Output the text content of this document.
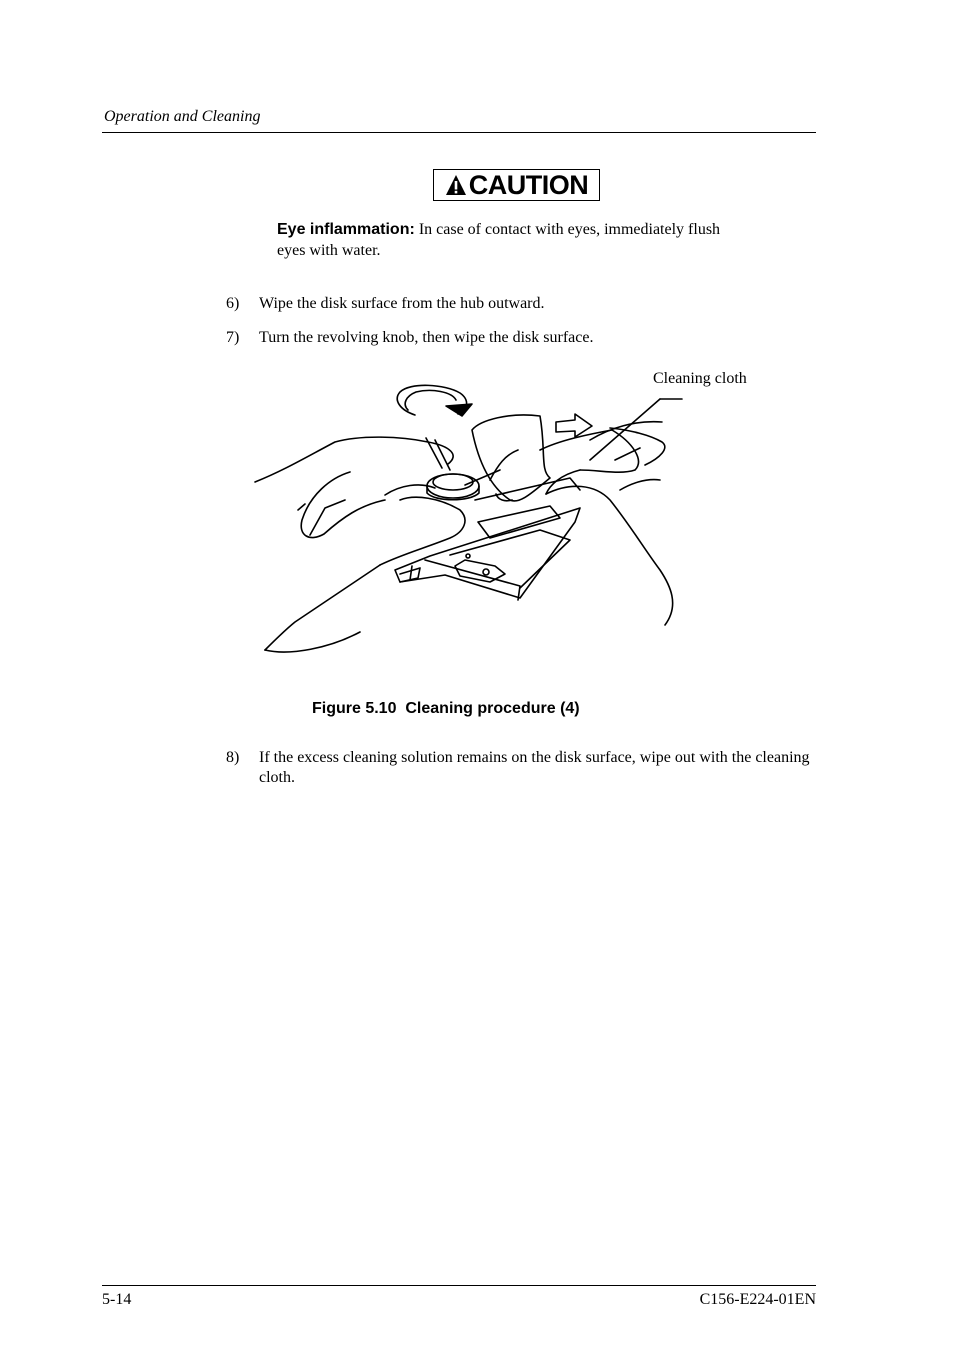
Operation and Cleaning
CAUTION
Eye inflammation: In case of contact with eyes, immediately flush eyes with water.
6)	Wipe the disk surface from the hub outward.
7)	Turn the revolving knob, then wipe the disk surface.
Cleaning cloth
Figure 5.10  Cleaning procedure (4)
8)	If the excess cleaning solution remains on the disk surface, wipe out with the cleaning cloth.
5-14	C156-E224-01EN
